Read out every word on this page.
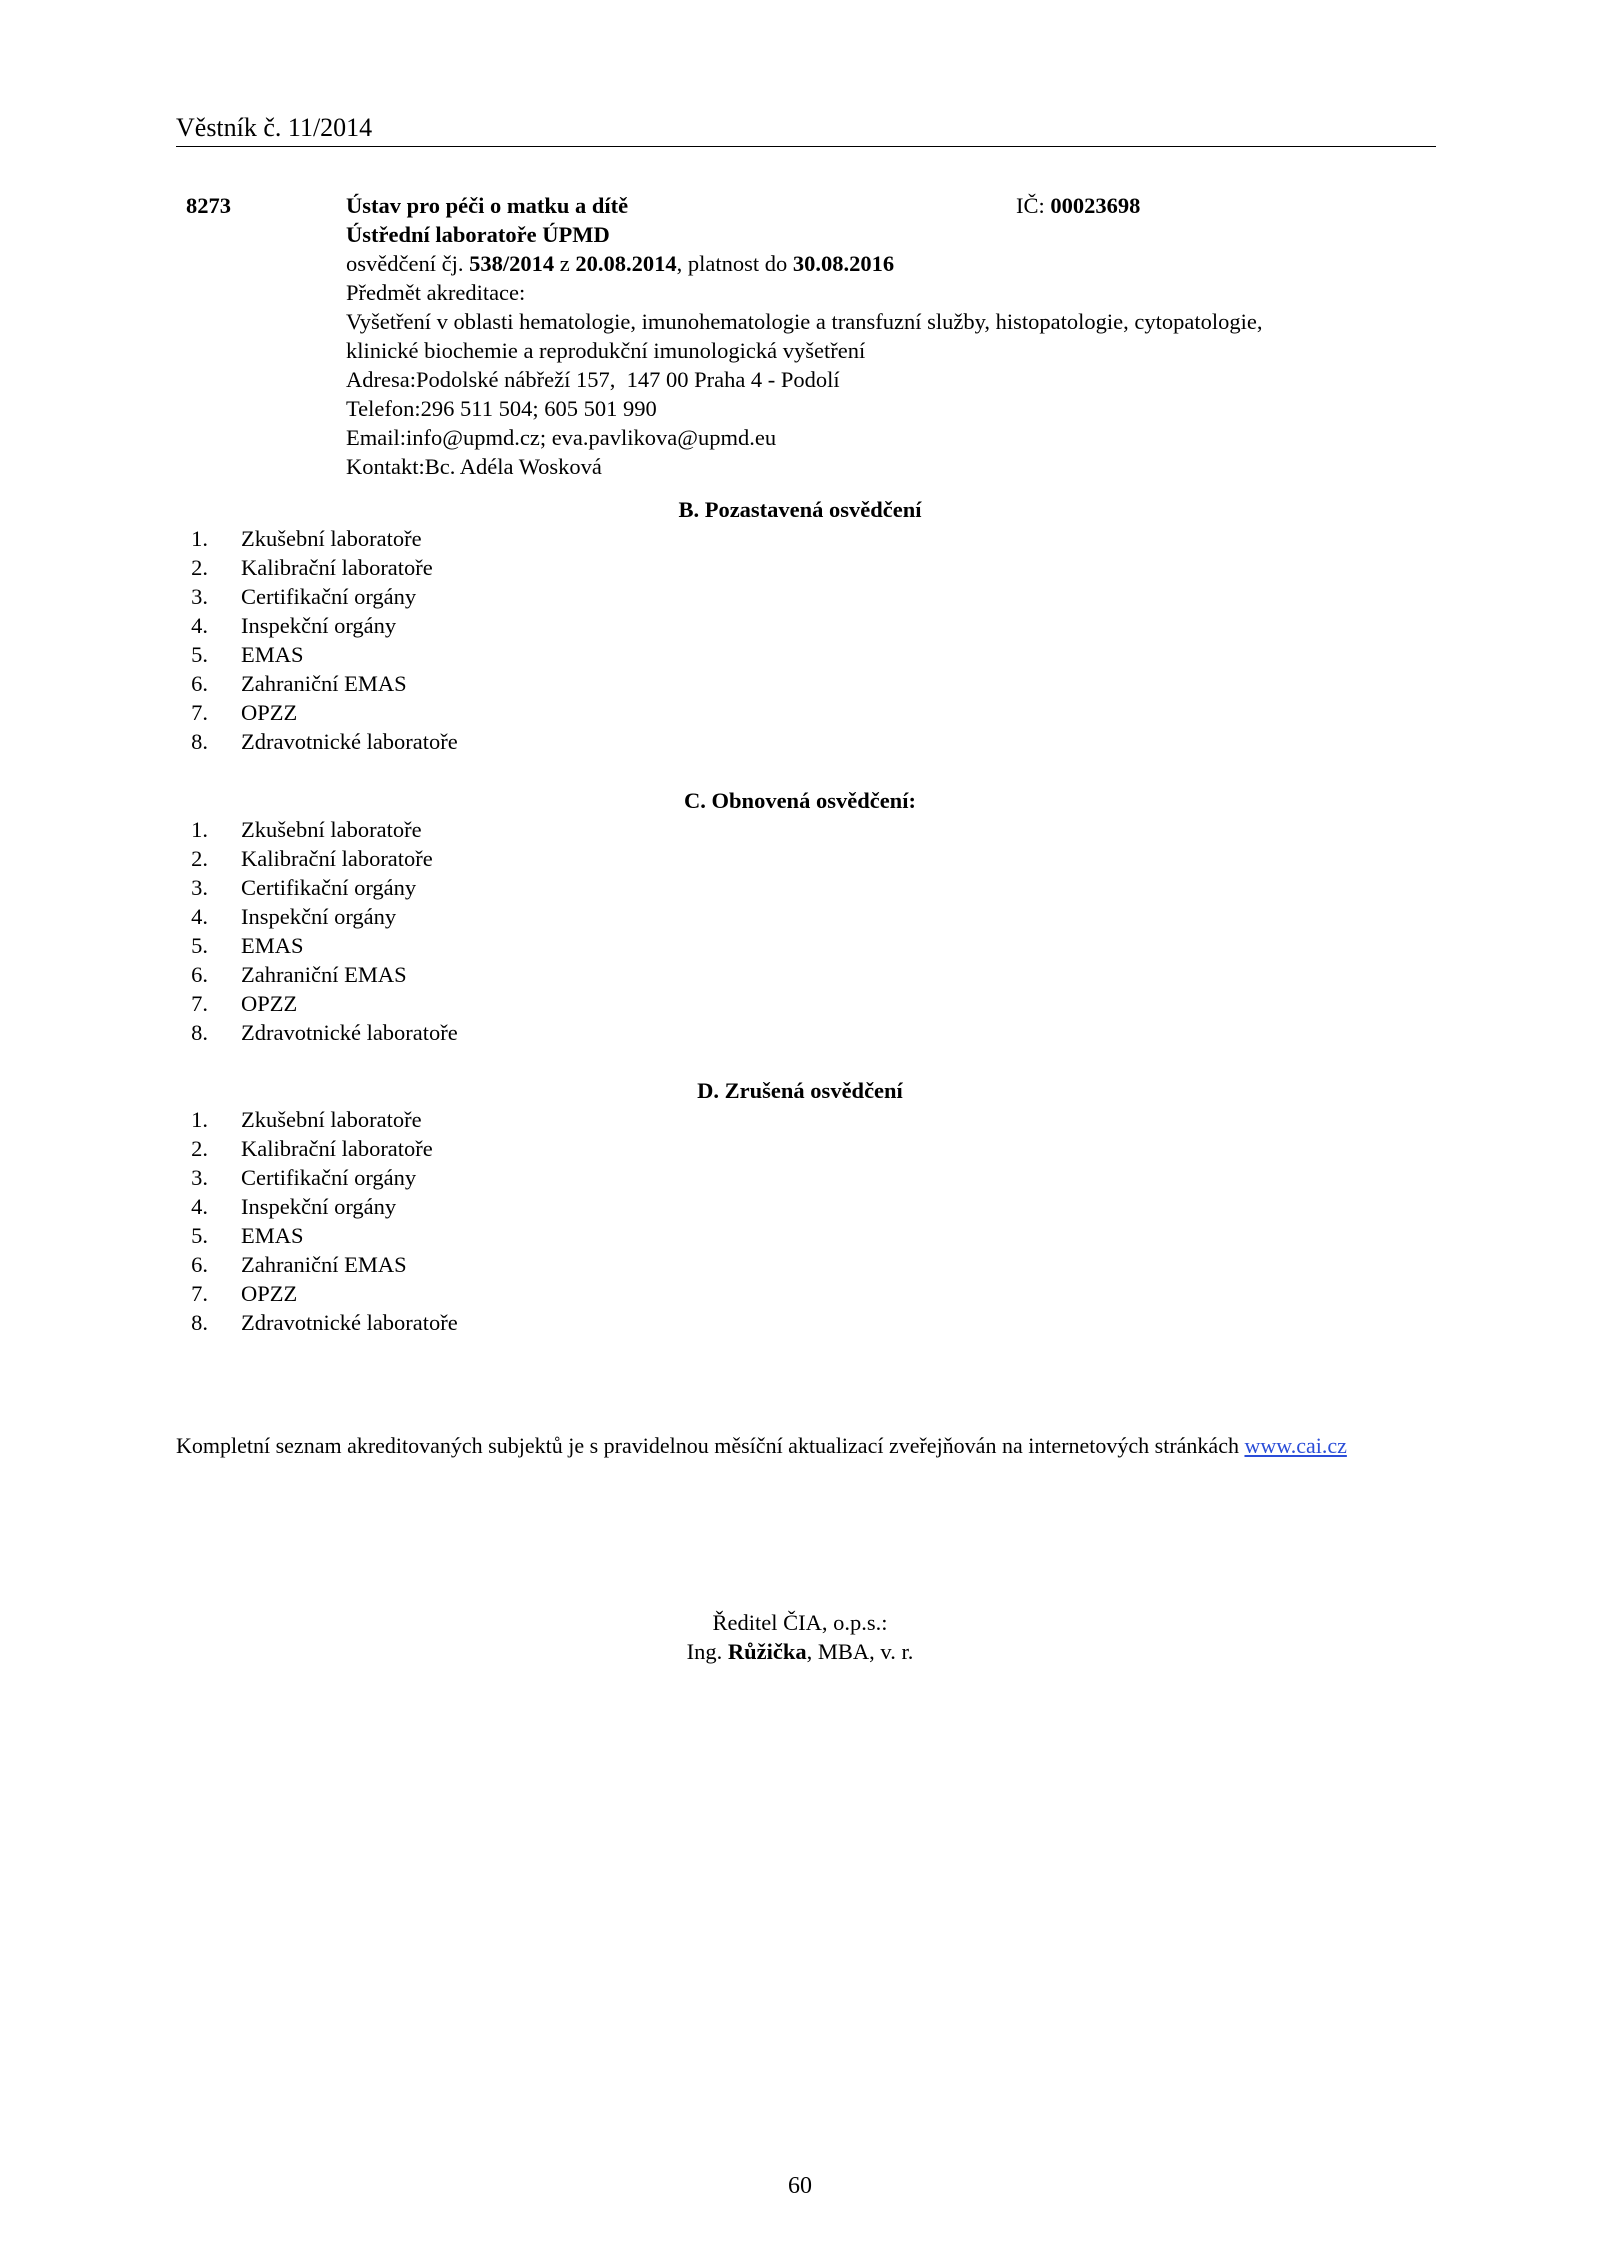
Věstník č. 11/2014
8273	Ústav pro péči o matku a dítě
Ústřední laboratoře ÚPMD
osvědčení čj. 538/2014 z 20.08.2014, platnost do 30.08.2016
Předmět akreditace:
Vyšetření v oblasti hematologie, imunohematologie a transfuzní služby, histopatologie, cytopatologie,
klinické biochemie a reprodukční imunologická vyšetření
Adresa:Podolské nábřeží 157,  147 00 Praha 4 - Podolí
Telefon:296 511 504; 605 501 990
Email:info@upmd.cz; eva.pavlikova@upmd.eu
Kontakt:Bc. Adéla Wosková
IČ: 00023698
B. Pozastavená osvědčení
1.	Zkušební laboratoře
2.	Kalibrační laboratoře
3.	Certifikační orgány
4.	Inspekční orgány
5.	EMAS
6.	Zahraniční EMAS
7.	OPZZ
8.	Zdravotnické laboratoře
C. Obnovená osvědčení:
1.	Zkušební laboratoře
2.	Kalibrační laboratoře
3.	Certifikační orgány
4.	Inspekční orgány
5.	EMAS
6.	Zahraniční EMAS
7.	OPZZ
8.	Zdravotnické laboratoře
D. Zrušená osvědčení
1.	Zkušební laboratoře
2.	Kalibrační laboratoře
3.	Certifikační orgány
4.	Inspekční orgány
5.	EMAS
6.	Zahraniční EMAS
7.	OPZZ
8.	Zdravotnické laboratoře
Kompletní seznam akreditovaných subjektů je s pravidelnou měsíční aktualizací zveřejňován na internetových stránkách www.cai.cz
Ředitel ČIA, o.p.s.:
Ing. Růžička, MBA, v. r.
60
